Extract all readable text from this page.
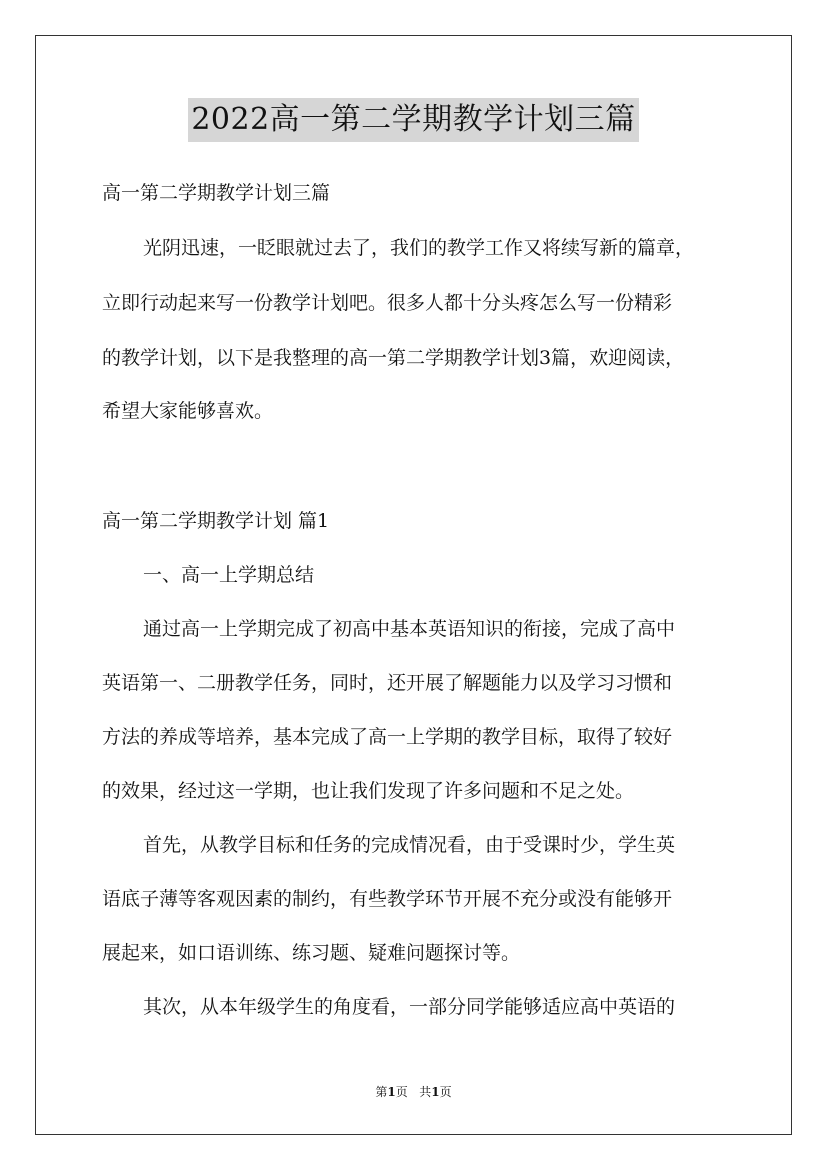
2022高一第二学期教学计划三篇
高一第二学期教学计划三篇
光阴迅速，一眨眼就过去了，我们的教学工作又将续写新的篇章，
立即行动起来写一份教学计划吧。很多人都十分头疼怎么写一份精彩
的教学计划，以下是我整理的高一第二学期教学计划3篇，欢迎阅读，
希望大家能够喜欢。
高一第二学期教学计划 篇1
一、高一上学期总结
通过高一上学期完成了初高中基本英语知识的衔接，完成了高中
英语第一、二册教学任务，同时，还开展了解题能力以及学习习惯和
方法的养成等培养，基本完成了高一上学期的教学目标，取得了较好
的效果，经过这一学期，也让我们发现了许多问题和不足之处。
首先，从教学目标和任务的完成情况看，由于受课时少，学生英
语底子薄等客观因素的制约，有些教学环节开展不充分或没有能够开
展起来，如口语训练、练习题、疑难问题探讨等。
其次，从本年级学生的角度看，一部分同学能够适应高中英语的
第1页 共1页
